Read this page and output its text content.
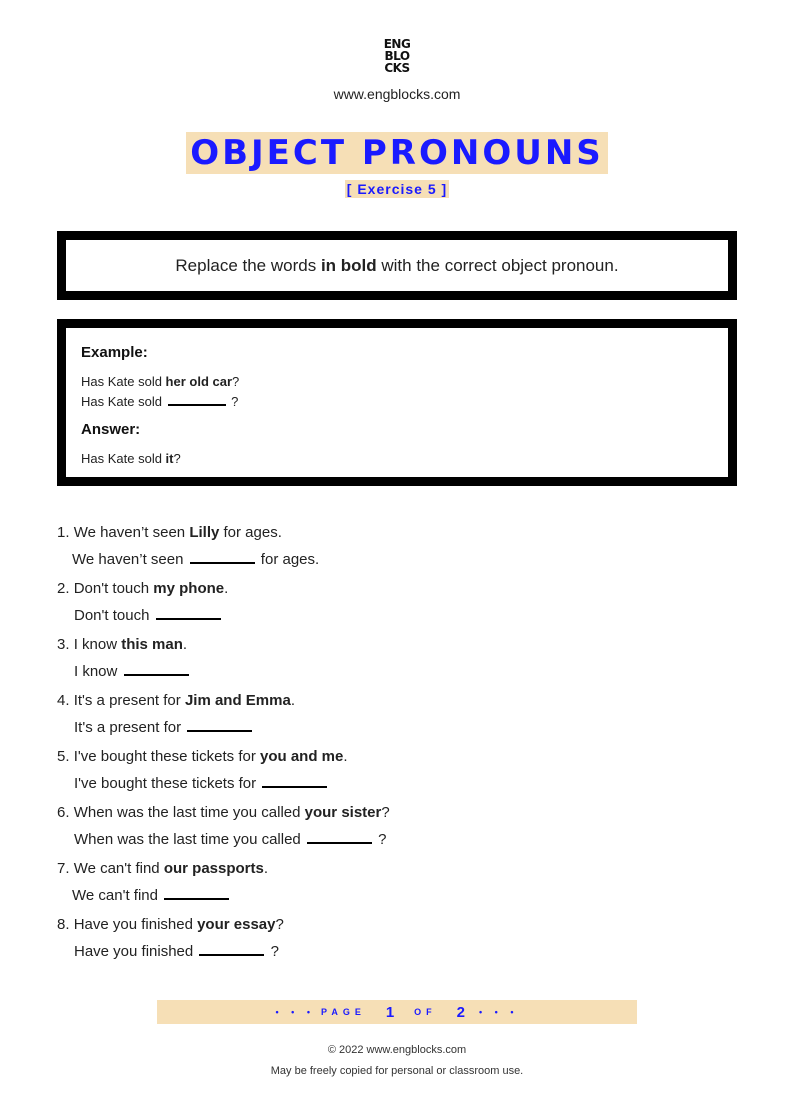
ENG
BLO
CKS
www.engblocks.com
OBJECT PRONOUNS
[ Exercise 5 ]
Replace the words in bold with the correct object pronoun.
Example:
Has Kate sold her old car?
Has Kate sold	?
Answer:
Has Kate sold it?
1. We haven’t seen Lilly for ages.
We haven’t seen	for ages.
2. Don't touch my phone.
Don't touch
3. I know this man.
I know
4. It's a present for Jim and Emma.
It's a present for
5. I've bought these tickets for you and me.
I've bought these tickets for
6. When was the last time you called your sister?
When was the last time you called	?
7. We can't find our passports.
We can't find
8. Have you finished your essay?
Have you finished	?
• • • PAGE 1 OF 2 • • •
© 2022 www.engblocks.com
May be freely copied for personal or classroom use.
